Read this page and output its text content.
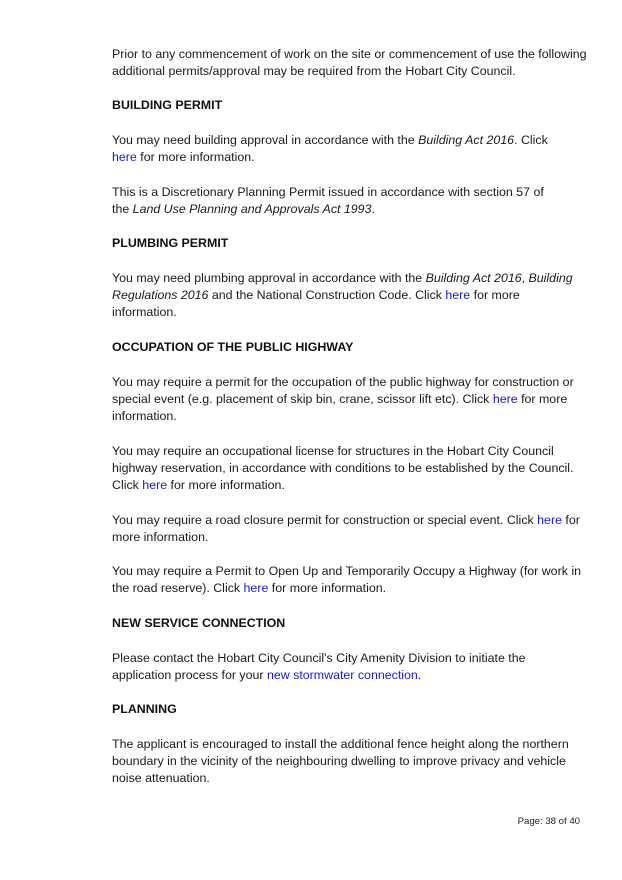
Prior to any commencement of work on the site or commencement of use the following
additional permits/approval may be required from the Hobart City Council.

BUILDING PERMIT

You may need building approval in accordance with the Building Act 2016. Click
here for more information.

This is a Discretionary Planning Permit issued in accordance with section 57 of
the Land Use Planning and Approvals Act 1993.

PLUMBING PERMIT

You may need plumbing approval in accordance with the Building Act 2016, Building
Regulations 2016 and the National Construction Code. Click here for more
information.

OCCUPATION OF THE PUBLIC HIGHWAY

You may require a permit for the occupation of the public highway for construction or
special event (e.g. placement of skip bin, crane, scissor lift etc). Click here for more
information.

You may require an occupational license for structures in the Hobart City Council
highway reservation, in accordance with conditions to be established by the Council.
Click here for more information.

You may require a road closure permit for construction or special event. Click here for
more information.

You may require a Permit to Open Up and Temporarily Occupy a Highway (for work in
the road reserve). Click here for more information.

NEW SERVICE CONNECTION

Please contact the Hobart City Council's City Amenity Division to initiate the
application process for your new stormwater connection.

PLANNING

The applicant is encouraged to install the additional fence height along the northern
boundary in the vicinity of the neighbouring dwelling to improve privacy and vehicle
noise attenuation.

Page: 38 of 40
